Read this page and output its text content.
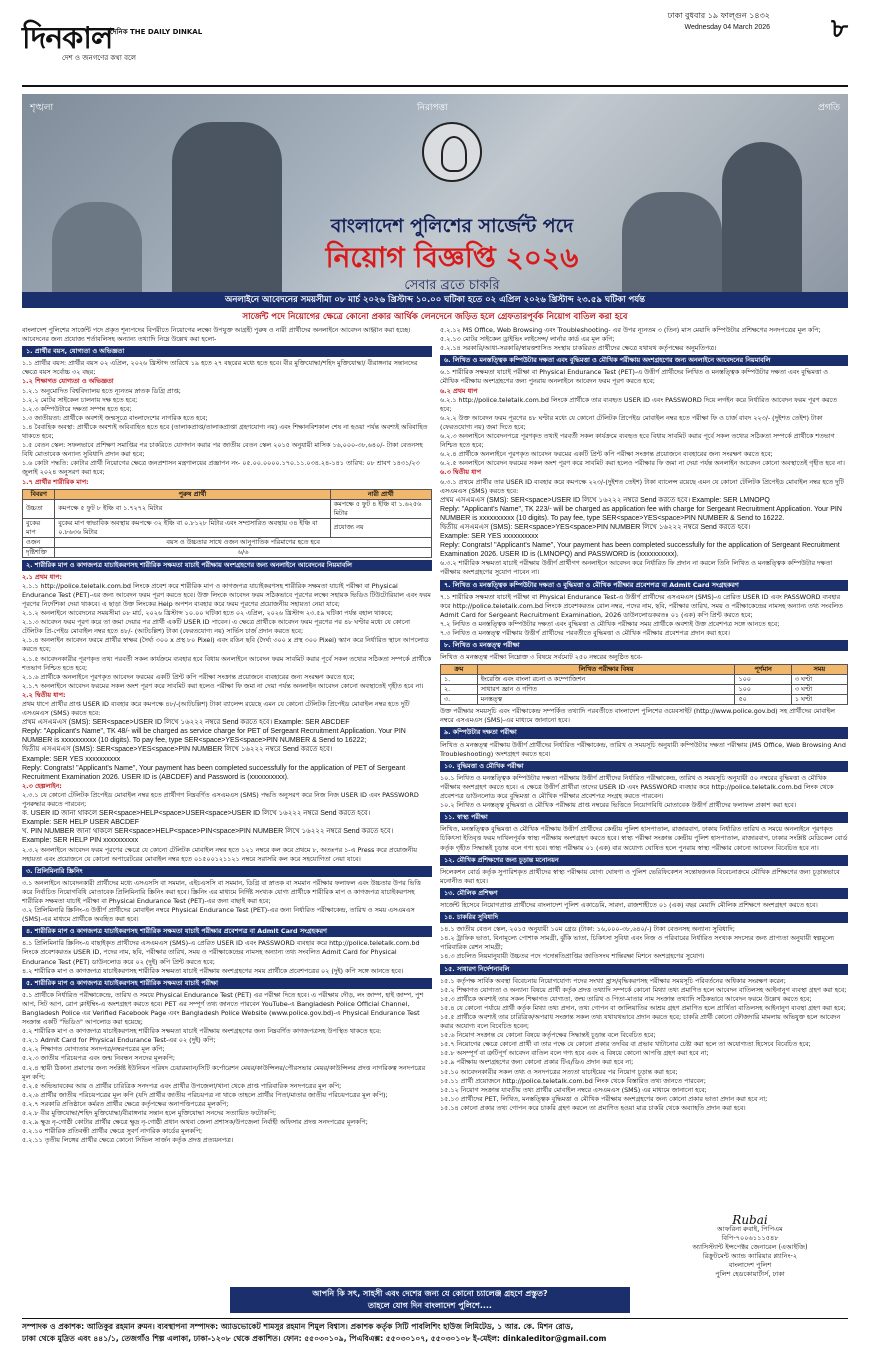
দিনকাল
দৈনিক THE DAILY DINKAL
দেশ ও জনগণের কথা বলে
ঢাকা বুধবার ১৯ ফাল্গুন ১৪৩২
Wednesday 04 March 2026 ৮
শৃঙ্খলা	নিরাপত্তা	প্রগতি
বাংলাদেশ পুলিশের সার্জেন্ট পদে
নিয়োগ বিজ্ঞপ্তি ২০২৬
সেবার ব্রতে চাকরি
অনলাইনে আবেদনের সময়সীমা ০৮ মার্চ ২০২৬ খ্রিস্টাব্দ ১০.০০ ঘটিকা হতে ০২ এপ্রিল ২০২৬ খ্রিস্টাব্দ ২৩.৫৯ ঘটিকা পর্যন্ত
সার্জেন্ট পদে নিয়োগের ক্ষেত্রে কোনো প্রকার আর্থিক লেনদেনে জড়িত হলে গ্রেফতারপূর্বক নিয়োগ বাতিল করা হবে

বাংলাদেশ পুলিশের সার্জেন্ট পদে প্রকৃত শূন্যপদের বিপরীতে নিয়োগের লক্ষ্যে উপযুক্ত আগ্রহী পুরুষ ও নারী প্রার্থীদের অনলাইনে আবেদন আহ্বান করা হচ্ছে। আবেদনের জন্য প্রযোজ্য শর্তাবলিসহ অন্যান্য তথ্যাদি নিম্নে উল্লেখ করা হলো-

১. প্রার্থীর বয়স, যোগ্যতা ও অভিজ্ঞতা

১.১ প্রার্থীর বয়স: প্রার্থীর বয়স ০২ এপ্রিল, ২০২৬ খ্রিস্টাব্দ তারিখে ১৯ হতে ২৭ বছরের মধ্যে হতে হবে। বীর মুক্তিযোদ্ধা/শহিদ মুক্তিযোদ্ধা/ বীরাঙ্গনার সন্তানদের ক্ষেত্রে বয়স সর্বোচ্চ ৩২ বছর;

১.২ শিক্ষাগত যোগ্যতা ও অভিজ্ঞতা

১.২.১ অনুমোদিত বিশ্ববিদ্যালয় হতে ন্যূনতম স্নাতক ডিগ্রি প্রাপ্ত;

১.২.২ মোটর সাইকেল চালনায় দক্ষ হতে হবে;

১.২.৩ কম্পিউটারে দক্ষতা সম্পন্ন হতে হবে;

১.৩ জাতীয়তা: প্রার্থীকে অবশ্যই জন্মসূত্রে বাংলাদেশের নাগরিক হতে হবে;

১.৪ বৈবাহিক অবস্থা: প্রার্থীকে অবশ্যই অবিবাহিত হতে হবে (তালাকপ্রাপ্ত/তালাকপ্রাপ্তা গ্রহণযোগ্য নয়) এবং শিক্ষানবিশকাল শেষ না হওয়া পর্যন্ত অবশ্যই অবিবাহিত থাকতে হবে;

১.৫ বেতন স্কেল: সফলভাবে প্রশিক্ষণ সমাপ্তির পর চাকরিতে যোগদান করার পর জাতীয় বেতন স্কেল ২০১৫ অনুযায়ী মাসিক ১৬,০০০-৩৮,৬৪০/- টাকা বেতনসহ বিধি মোতাবেক অন্যান্য সুবিধাদি প্রদান করা হবে;

১.৬ কোটা পদ্ধতি: কোটার প্রার্থী নিয়োগের ক্ষেত্রে জনপ্রশাসন মন্ত্রণালয়ের প্রজ্ঞাপন নং- ০৫.০০.০০০০.১৭০.১১.০৩৪.২৪-১৪১ তারিখ: ০৮ শ্রাবণ ১৪৩১/২৩ জুলাই ২০২৪ অনুসরণ করা হবে;

১.৭ প্রার্থীর শারীরিক মাপ:

বিবরণ	পুরুষ প্রার্থী	নারী প্রার্থী
উচ্চতা	কমপক্ষে ৫ ফুট ৮ ইঞ্চি বা ১.৭২৭২ মিটার	কমপক্ষে ৫ ফুট ৪ ইঞ্চি বা ১.৬২৫৬ মিটার
বুকের মাপ	বুকের মাপ স্বাভাবিক অবস্থায় কমপক্ষে ৩২ ইঞ্চি বা ০.৮১২৮ মিটার এবং সম্প্রসারিত অবস্থায় ৩৪ ইঞ্চি বা ০.৮৬৩৬ মিটার	প্রযোজ্য নয়
ওজন	বয়স ও উচ্চতার সাথে ওজন আনুপাতিক পরিমাণের হতে হবে	
দৃষ্টিশক্তি	৬/৬	
২. শারীরিক মাপ ও কাগজপত্র যাচাইকরণসহ শারীরিক সক্ষমতা যাচাই পরীক্ষায় অংশগ্রহণের জন্য অনলাইনে আবেদনের নিয়মাবলি

২.১ প্রথম ধাপ:

২.১.১ http://police.teletalk.com.bd লিংকে প্রবেশ করে শারীরিক মাপ ও কাগজপত্র যাচাইকরণসহ শারীরিক সক্ষমতা যাচাই পরীক্ষা বা Physical Endurance Test (PET)-এর জন্য আবেদন ফরম পূরণ করতে হবে। উক্ত লিংকে আবেদন ফরম সঠিকভাবে পূরণের লক্ষ্যে সহায়ক ভিডিও টিউটোরিয়াল এবং ফরম পূরণের নির্দেশিকা দেয়া থাকবে। এ ছাড়া উক্ত লিংকের Help অপশন ব্যবহার করে ফরম পূরণের প্রয়োজনীয় সহায়তা নেয়া যাবে;

২.১.২ অনলাইনে আবেদনের সময়সীমা ০৮ মার্চ, ২০২৬ খ্রিস্টাব্দ ১০.০০ ঘটিকা হতে ০২ এপ্রিল, ২০২৬ খ্রিস্টাব্দ ২৩.৫৯ ঘটিকা পর্যন্ত বহাল থাকবে;

২.১.৩ আবেদন ফরম পূরণ করে তা জমা দেয়ার পর প্রার্থী একটি USER ID পাবেন। এ ক্ষেত্রে প্রার্থীকে আবেদন ফরম পূরণের পর ৪৮ ঘণ্টার মধ্যে যে কোনো টেলিটক প্রি-পেইড মোবাইল নম্বর হতে ৪৮/- (আটচল্লিশ) টাকা (ফেরতযোগ্য নয়) সার্ভিস চার্জ প্রদান করতে হবে;

২.১.৪ অনলাইন আবেদন ফরমে প্রার্থীর স্বাক্ষর (দৈর্ঘ্য ৩০০ x প্রস্থ ৮০ Pixel) এবং রঙিন ছবি (দৈর্ঘ্য ৩০০ x প্রস্থ ৩০০ Pixel) স্ক্যান করে নির্ধারিত স্থানে আপলোড করতে হবে;

২.১.৫ আবেদনকারীর পূরণকৃত তথ্য পরবর্তী সকল কার্যক্রমে ব্যবহার হবে বিধায় অনলাইনে আবেদন ফরম সাবমিট করার পূর্বে সকল তথ্যের সঠিকতা সম্পর্কে প্রার্থীকে শতভাগ নিশ্চিত হতে হবে;

২.১.৬ প্রার্থীকে অনলাইনে পূরণকৃত আবেদন ফরমের একটি প্রিন্ট কপি পরীক্ষা সংক্রান্ত প্রয়োজনে ব্যবহারের জন্য সংরক্ষণ করতে হবে;

২.১.৭ অনলাইনে আবেদন ফরমের সকল অংশ পূরণ করে সাবমিট করা হলেও পরীক্ষা ফি জমা না দেয়া পর্যন্ত অনলাইন আবেদন কোনো অবস্থাতেই গৃহীত হবে না।

২.২ দ্বিতীয় ধাপ:

প্রথম ধাপে প্রার্থীর প্রাপ্ত USER ID ব্যবহার করে কমপক্ষে ৪৮/-(আটচল্লিশ) টাকা ব্যালেন্স রয়েছে এমন যে কোনো টেলিটক প্রিপেইড মোবাইল নম্বর হতে দুটি এসএমএস (SMS) করতে হবে:

প্রথম এসএমএস (SMS): SER<space>USER ID লিখে ১৬২২২ নম্বরে Send করতে হবে। Example: SER ABCDEF

Reply: "Applicant's Name", TK 48/- will be charged as service charge for PET of Sergeant Recruitment Application. Your PIN NUMBER is xxxxxxxxxx (10 digits). To pay fee, type SER<space>YES<space>PIN NUMBER & Send to 16222;

দ্বিতীয় এসএমএস (SMS): SER<space>YES<space>PIN NUMBER লিখে ১৬২২২ নম্বরে Send করতে হবে।

Example: SER YES xxxxxxxxxx

Reply: Congrats! "Applicant's Name", Your payment has been completed successfully for the application of PET of Sergeant Recruitment Examination 2026. USER ID is (ABCDEF) and Password is (xxxxxxxxxx).

২.৩ হেল্পলাইন:

২.৩.১ যে কোনো টেলিটক প্রিপেইড মোবাইল নম্বর হতে প্রার্থীগণ নিম্নবর্ণিত এসএমএস (SMS) পদ্ধতি অনুসরণ করে নিজ নিজ USER ID এবং PASSWORD পুনরুদ্ধার করতে পারবেন;

ক. USER ID জানা থাকলে SER<space>HELP<space>USER<space>USER ID লিখে ১৬২২২ নম্বরে Send করতে হবে।

Example: SER HELP USER ABCDEF

খ. PIN NUMBER জানা থাকলে SER<space>HELP<space>PIN<space>PIN NUMBER লিখে ১৬২২২ নম্বরে Send করতে হবে।

Example: SER HELP PIN xxxxxxxxxx

২.৩.২ অনলাইনে আবেদন ফরম পূরণের ক্ষেত্রে যে কোনো টেলিটক মোবাইল নম্বর হতে ১২১ নম্বরে কল করে প্রথমে ৮, অতঃপর ১-এ Press করে প্রয়োজনীয় সহায়তা এবং প্রয়োজনে যে কোনো অপারেটরের মোবাইল নম্বর হতে ০১৫০০১২১১২১ নম্বরে সরাসরি কল করে সহযোগিতা নেয়া যাবে।

৩. প্রিলিমিনারি স্ক্রিনিং

৩.১ অনলাইনে আবেদনকারী প্রার্থীদের মধ্যে এসএসসি বা সমমান, এইচএসসি বা সমমান, ডিগ্রি বা স্নাতক বা সমমান পরীক্ষার ফলাফল এবং উচ্চতার উপর ভিত্তি করে নির্বাচিত নিয়োগবিধি মোতাবেক প্রিলিমিনারি স্ক্রিনিং করা হবে। স্ক্রিনিং এর মাধ্যমে নির্দিষ্ট সংখ্যক যোগ্য প্রার্থীকে শারীরিক মাপ ও কাগজপত্র যাচাইকরণসহ শারীরিক সক্ষমতা যাচাই পরীক্ষা বা Physical Endurance Test (PET)-এর জন্য বাছাই করা হবে;

৩.২ প্রিলিমিনারি স্ক্রিনিং-এ উত্তীর্ণ প্রার্থীদের মোবাইল নম্বরে Physical Endurance Test (PET)-এর জন্য নির্ধারিত পরীক্ষাকেন্দ্র, তারিখ ও সময় এসএমএস (SMS)-এর মাধ্যমে প্রার্থীকে অবহিত করা হবে।

৪. শারীরিক মাপ ও কাগজপত্র যাচাইকরণসহ শারীরিক সক্ষমতা যাচাই পরীক্ষার প্রবেশপত্র বা Admit Card সংগ্রহকরণ

৪.১ প্রিলিমিনারি স্ক্রিনিং-এ বাছাইকৃত প্রার্থীদের এসএমএস (SMS)-এ প্রেরিত USER ID এবং PASSWORD ব্যবহার করে http://police.teletalk.com.bd লিংকে প্রবেশকরতঃ USER ID, পদের নাম, ছবি, পরীক্ষার তারিখ, সময় ও পরীক্ষাকেন্দ্রের নামসহ অন্যান্য তথ্য সংবলিত Admit Card for Physical Endurance Test (PET) ডাউনলোড করে ০২ (দুই) কপি প্রিন্ট করতে হবে;

৪.২ শারীরিক মাপ ও কাগজপত্র যাচাইকরণসহ শারীরিক সক্ষমতা যাচাই পরীক্ষায় অংশগ্রহণের সময় প্রার্থীকে প্রবেশপত্রের ০২ (দুই) কপি সঙ্গে আনতে হবে।

৫. শারীরিক মাপ ও কাগজপত্র যাচাইকরণসহ শারীরিক সক্ষমতা যাচাই পরীক্ষা

৫.১ প্রার্থীকে নির্ধারিত পরীক্ষাকেন্দ্রে, তারিখ ও সময়ে Physical Endurance Test (PET) এর পরীক্ষা দিতে হবে। এ পরীক্ষায় দৌড়, লং জাম্প, হাই জাম্প, পুশ আপ, সিট আপ, রোপ ক্লাইম্বিং-এ অংশগ্রহণ করতে হবে। PET এর সম্পূর্ণ তথ্য জানতে পারবেন YouTube-এ Bangladesh Police Official Channel, Bangladesh Police এর Verified Facebook Page এবং Bangladesh Police Website (www.police.gov.bd)-এ Physical Endurance Test সংক্রান্ত একটি "ভিডিও" আপলোড করা হয়েছে;

৫.২ শারীরিক মাপ ও কাগজপত্র যাচাইকরণসহ শারীরিক সক্ষমতা যাচাই পরীক্ষায় অংশগ্রহণের জন্য নিম্নবর্ণিত কাগজপত্রসহ উপস্থিত থাকতে হবে:

৫.২.১ Admit Card for Physical Endurance Test-এর ০২ (দুই) কপি;

৫.২.২ শিক্ষাগত যোগ্যতার সনদপত্র/নম্বরপত্রের মূল কপি;

৫.২.৩ জাতীয় পরিচয়পত্র এবং জন্ম নিবন্ধন সনদের মূলকপি;

৫.২.৪ স্থায়ী ঠিকানা প্রমাণের জন্য সংশ্লিষ্ট ইউনিয়ন পরিষদ চেয়ারম্যান/সিটি কর্পোরেশন মেয়র/কাউন্সিলর/পৌরসভার মেয়র/কাউন্সিলর প্রদত্ত নাগরিকত্ব সনদপত্রের মূল কপি;

৫.২.৫ অভিভাবকের আয় ও প্রার্থীর চারিত্রিক সনদপত্র এবং প্রার্থীর উপজেলা/থানা থেকে প্রাপ্ত পারিবারিক সনদপত্রের মূল কপি;

৫.২.৬ প্রার্থীর জাতীয় পরিচয়পত্রের মূল কপি (যদি প্রার্থীর জাতীয় পরিচয়পত্র না থাকে তাহলে প্রার্থীর পিতা/মাতার জাতীয় পরিচয়পত্রের মূল কপি);

৫.২.৭ সরকারি প্রতিষ্ঠানে কর্মরত প্রার্থীর ক্ষেত্রে কর্তৃপক্ষের অনাপত্তিপত্রের মূলকপি;

৫.২.৮ বীর মুক্তিযোদ্ধা/শহিদ মুক্তিযোদ্ধা/বীরাঙ্গনার সন্তান হলে মুক্তিযোদ্ধা সনদের সত্যায়িত ফটোকপি;

৫.২.৯ ক্ষুদ্র নৃ-গোষ্ঠী কোটার প্রার্থীর ক্ষেত্রে ক্ষুদ্র নৃ-গোষ্ঠী প্রধান অথবা জেলা প্রশাসক/উপজেলা নির্বাহী অফিসার প্রদত্ত সনদপত্রের মূলকপি;

৫.২.১০ শারীরিক প্রতিবন্ধী প্রার্থীর ক্ষেত্রে সুবর্ণ নাগরিক কার্ডের মূলকপি;

৫.২.১১ তৃতীয় লিঙ্গের প্রার্থীর ক্ষেত্রে কোনো সিভিল সার্জন কর্তৃক প্রদত্ত প্রত্যয়নপত্র।

৫.২.১২ MS Office, Web Browsing এবং Troubleshooting- এর উপর ন্যূনতম ৩ (তিন) মাস মেয়াদি কম্পিউটার প্রশিক্ষণের সনদপত্রের মূল কপি;

৫.২.১৩ মোটর সাইকেল ড্রাইভিং লাইসেন্স/ লার্নার কার্ড এর মূল কপি;

৫.২.১৪ সরকারি/আধা-সরকারি/স্বায়ত্তশাসিত সংস্থায় চাকরিরত প্রার্থীদের ক্ষেত্রে যথাযথ কর্তৃপক্ষের অনুমতিপত্র।

৬. লিখিত ও মনস্তত্ত্বিক কম্পিউটার দক্ষতা এবং বুদ্ধিমত্তা ও মৌখিক পরীক্ষায় অংশগ্রহণের জন্য অনলাইনে আবেদনের নিয়মাবলি

৬.১ শারীরিক সক্ষমতা যাচাই পরীক্ষা বা Physical Endurance Test (PET)-এ উত্তীর্ণ প্রার্থীদের লিখিত ও মনস্তত্ত্বিক কম্পিউটার দক্ষতা এবং বুদ্ধিমত্তা ও মৌখিক পরীক্ষায় অংশগ্রহণের জন্য পুনরায় অনলাইনে আবেদন ফরম পূরণ করতে হবে;

৬.২ প্রথম ধাপ

৬.২.১ http://police.teletalk.com.bd লিংকে প্রার্থীকে তার ব্যবহৃত USER ID এবং PASSWORD দিয়ে লগইন করে নির্ধারিত আবেদন ফরম পূরণ করতে হবে;

৬.২.২ উক্ত আবেদন ফরম পূরণের ৪৮ ঘণ্টার মধ্যে যে কোনো টেলিটক প্রিপেইড মোবাইল নম্বর হতে পরীক্ষা ফি ও চার্জ বাবদ ২২৩/- (দুইশত তেইশ) টাকা (ফেরতযোগ্য নয়) জমা দিতে হবে;

৬.২.৩ অনলাইনে আবেদনপত্রে পূরণকৃত তথ্যই পরবর্তী সকল কার্যক্রমে ব্যবহৃত হবে বিধায় সাবমিট করার পূর্বে সকল তথ্যের সঠিকতা সম্পর্কে প্রার্থীকে শতভাগ নিশ্চিত হতে হবে;

৬.২.৪ প্রার্থীকে অনলাইনে পূরণকৃত আবেদন ফরমের একটি প্রিন্ট কপি পরীক্ষা সংক্রান্ত প্রয়োজনে ব্যবহারের জন্য সংরক্ষণ করতে হবে;

৬.২.৫ অনলাইনে আবেদন ফরমের সকল অংশ পূরণ করে সাবমিট করা হলেও পরীক্ষার ফি জমা না দেয়া পর্যন্ত অনলাইন আবেদন কোনো অবস্থাতেই গৃহীত হবে না।

৬.৩ দ্বিতীয় ধাপ

৬.৩.১ প্রথমে প্রার্থীর তার USER ID ব্যবহার করে কমপক্ষে ২২৩/-(দুইশত তেইশ) টাকা ব্যালেন্স রয়েছে এমন যে কোনো টেলিটক প্রিপেইড মোবাইল নম্বর হতে দুটি এসএমএস (SMS) করতে হবে:

প্রথম এসএমএস (SMS): SER<space>USER ID লিখে ১৬২২২ নম্বরে Send করতে হবে। Example: SER LMNOPQ

Reply: "Applicant's Name", TK 223/- will be charged as application fee with charge for Sergeant Recruitment Application. Your PIN NUMBER is xxxxxxxxxx (10 digits). To pay fee, type SER<space>YES<space>PIN NUMBER & Send to 16222.

দ্বিতীয় এসএমএস (SMS): SER<space>YES<space>PIN NUMBER লিখে ১৬২২২ নম্বরে Send করতে হবে।

Example: SER YES xxxxxxxxxx

Reply: Congrats! "Applicant's Name", Your payment has been completed successfully for the application of Sergeant Recruitment Examination 2026. USER ID is (LMNOPQ) and PASSWORD is (xxxxxxxxxx).

৬.৩.২ শারীরিক সক্ষমতা যাচাই পরীক্ষায় উত্তীর্ণ প্রার্থীগণ অনলাইনে আবেদন করে নির্ধারিত ফি প্রদান না করলে তিনি লিখিত ও মনস্তত্ত্বিক কম্পিউটার দক্ষতা পরীক্ষায় অংশগ্রহণের সুযোগ পাবেন না।

৭. লিখিত ও মনস্তত্ত্বিক কম্পিউটার দক্ষতা ও বুদ্ধিমত্তা ও মৌখিক পরীক্ষার প্রবেশপত্র বা Admit Card সংগ্রহকরণ

৭.১ শারীরিক সক্ষমতা যাচাই পরীক্ষা বা Physical Endurance Test-এ উত্তীর্ণ প্রার্থীদের এসএমএস (SMS)-এ প্রেরিত USER ID এবং PASSWORD ব্যবহার করে http://police.teletalk.com.bd লিংকে প্রবেশকরতঃ রোল নম্বর, পদের নাম, ছবি, পরীক্ষার তারিখ, সময় ও পরীক্ষাকেন্দ্রের নামসহ অন্যান্য তথ্য সংবলিত Admit Card for Sergeant Recruitment Examination, 2026 ডাউনলোডকরতঃ ০১ (এক) কপি প্রিন্ট করতে হবে;

৭.২ লিখিত ও মনস্তত্ত্বিক কম্পিউটার দক্ষতা এবং বুদ্ধিমত্তা ও মৌখিক পরীক্ষার সময় প্রার্থীকে অবশ্যই উক্ত প্রবেশপত্র সঙ্গে আনতে হবে;

৭.৩ লিখিত ও মনস্তত্ত্ব পরীক্ষায় উত্তীর্ণ প্রার্থীদের পরবর্তীতে বুদ্ধিমত্তা ও মৌখিক পরীক্ষার প্রবেশপত্র প্রদান করা হবে।

৮. লিখিত ও মনস্তত্ত্ব পরীক্ষা

লিখিত ও মনস্তত্ত্ব পরীক্ষা নিম্নোক্ত ৩ বিষয়ে সর্বমোট ২৫০ নম্বরের অনুষ্ঠিত হবে-

ক্রম	লিখিত পরীক্ষার বিষয়	পূর্ণমান	সময়
১.	ইংরেজি এবং বাংলা রচনা ও কম্পোজিশন	১০০	৩ ঘণ্টা
২.	সাধারণ জ্ঞান ও গণিত	১০০	৩ ঘণ্টা
৩.	মনস্তত্ত্ব	৫০	১ ঘণ্টা

উক্ত পরীক্ষার সময়সূচি এবং পরীক্ষাকেন্দ্র সম্পর্কিত তথ্যাদি পরবর্তীতে বাংলাদেশ পুলিশের ওয়েবসাইট (http://www.police.gov.bd) সহ প্রার্থীদের মোবাইল নম্বরে এসএমএস (SMS)-এর মাধ্যমে জানানো হবে।

৯. কম্পিউটার দক্ষতা পরীক্ষা

লিখিত ও মনস্তত্ত্ব পরীক্ষায় উত্তীর্ণ প্রার্থীদের নির্ধারিত পরীক্ষাকেন্দ্র, তারিখ ও সময়সূচি অনুযায়ী কম্পিউটার দক্ষতা পরীক্ষায় (MS Office, Web Browsing And Troubleshooting) অংশগ্রহণ করতে হবে।

১০. বুদ্ধিমত্তা ও মৌখিক পরীক্ষা

১০.১ লিখিত ও মনস্তত্ত্বিক কম্পিউটার দক্ষতা পরীক্ষায় উত্তীর্ণ প্রার্থীদের নির্ধারিত পরীক্ষাকেন্দ্র, তারিখ ও সময়সূচি অনুযায়ী ৫০ নম্বরের বুদ্ধিমত্তা ও মৌখিক পরীক্ষায় অংশগ্রহণ করতে হবে। এ ক্ষেত্রে উত্তীর্ণ প্রার্থীরা তাদের USER ID এবং PASSWORD ব্যবহার করে http://police.teletalk.com.bd লিংক থেকে প্রবেশপত্র ডাউনলোড করে বুদ্ধিমত্তা ও মৌখিক পরীক্ষার প্রবেশপত্র সংগ্রহ করতে পারবেন।

১০.২ লিখিত ও মনস্তত্ত্ব বুদ্ধিমত্তা ও মৌখিক পরীক্ষায় প্রাপ্ত নম্বরের ভিত্তিতে নিয়োগবিধি মোতাবেক উত্তীর্ণ প্রার্থীদের ফলাফল প্রকাশ করা হবে।

১১. স্বাস্থ্য পরীক্ষা

লিখিত, মনস্তত্ত্বিক বুদ্ধিমত্তা ও মৌখিক পরীক্ষায় উত্তীর্ণ প্রার্থীদের কেন্দ্রীয় পুলিশ হাসপাতাল, রাজারবাগ, ঢাকায় নির্ধারিত তারিখ ও সময়ে অনলাইনে পূরণকৃত চিকিৎসা ইতিবৃত্ত ফরম দাখিলপূর্বক স্বাস্থ্য পরীক্ষায় অংশগ্রহণ করতে হবে। স্বাস্থ্য পরীক্ষা সংক্রান্ত কেন্দ্রীয় পুলিশ হাসপাতাল, রাজারবাগ, ঢাকার সংশ্লিষ্ট মেডিকেল বোর্ড কর্তৃক গৃহীত সিদ্ধান্তই চূড়ান্ত বলে গণ্য হবে। স্বাস্থ্য পরীক্ষায় ০১ (এক) বার অযোগ্য ঘোষিত হলে পুনরায় স্বাস্থ্য পরীক্ষার কোনো আবেদন বিবেচিত হবে না।

১২. মৌখিক প্রশিক্ষণের জন্য চূড়ান্ত মনোনয়ন

সিলেকশন বোর্ড কর্তৃক সুপারিশকৃত প্রার্থীদের স্বাস্থ্য পরীক্ষায় যোগ্য ঘোষণা ও পুলিশ ভেরিফিকেশন সন্তোষজনক বিবেচনাক্রমে মৌখিক প্রশিক্ষণের জন্য চূড়ান্তভাবে মনোনীত করা হবে।

১৩. মৌলিক প্রশিক্ষণ

সার্জেন্ট হিসেবে নিয়োগপ্রাপ্ত প্রার্থীদের বাংলাদেশ পুলিশ একাডেমি, সারদা, রাজশাহীতে ০১ (এক) বছর মেয়াদি মৌলিক প্রশিক্ষণে অংশগ্রহণ করতে হবে।

১৪. চাকরির সুবিধাদি

১৪.১ জাতীয় বেতন স্কেল, ২০১৫ অনুযায়ী ১০ম গ্রেড (টাকা: ১৬,০০০-৩৮,৬৪০/-) টাকা বেতনসহ অন্যান্য সুবিধাদি;

১৪.২ ট্রাফিক ভাতা, বিনামূল্যে পোশাক সামগ্রী, ঝুঁকি ভাতা, চিকিৎসা সুবিধা এবং নিজ ও পরিবারের নির্ধারিত সংখ্যক সদস্যের জন্য প্রাপ্যতা অনুযায়ী স্বল্পমূল্যে পারিবারিক রেশন সামগ্রী;

১৪.৩ প্রচলিত নিয়মানুযায়ী উচ্চতর পদে পদোন্নতিপ্রাপ্তির জাতিসংঘ শান্তিরক্ষা মিশনে অংশগ্রহণের সুযোগ।

১৫. সাধারণ নির্দেশনাবলি

১৫.১ কর্তৃপক্ষ সার্বিক অবস্থা বিবেচনায় নিয়োগযোগ্য পদের সংখ্যা হ্রাস/বৃদ্ধিকরণসহ পরীক্ষার সময়সূচি পরিবর্তনের অধিকার সংরক্ষণ করেন;

১৫.২ শিক্ষাগত যোগ্যতা ও অন্যান্য বিষয়ে প্রার্থী কর্তৃক প্রদত্ত তথ্যাদি সম্পর্কে কোনো মিথ্যা তথ্য প্রমাণিত হলে আবেদন বাতিলসহ আইনানুগ ব্যবস্থা গ্রহণ করা হবে;

১৫.৩ প্রার্থীকে অবশ্যই তার সকল শিক্ষাগত যোগ্যতা, জন্ম তারিখ ও পিতা-মাতার নাম সংক্রান্ত তথ্যাদি সঠিকভাবে আবেদন ফরমে উল্লেখ করতে হবে;

১৫.৪ যে কোনো পর্যায়ে প্রার্থী কর্তৃক মিথ্যা তথ্য প্রদান, তথ্য গোপন বা জালিয়াতির আশ্রয় গ্রহণ প্রমাণিত হলে প্রার্থিতা বাতিলসহ আইনানুগ ব্যবস্থা গ্রহণ করা হবে;

১৫.৫ প্রার্থীকে অবশ্যই তার চারিত্রিক/অপরাধ সংক্রান্ত সকল তথ্য যথাযথভাবে প্রদান করতে হবে; চাকরি প্রার্থী কোনো ফৌজদারি মামলায় অভিযুক্ত হলে আবেদন করার অযোগ্য বলে বিবেচিত হবেন;

১৫.৬ নিয়োগ সংক্রান্ত যে কোনো বিষয়ে কর্তৃপক্ষের সিদ্ধান্তই চূড়ান্ত বলে বিবেচিত হবে;

১৫.৭ নিয়োগের ক্ষেত্রে কোনো প্রার্থী বা তার পক্ষে যে কোনো প্রকার তদবির বা প্রভাব খাটানোর চেষ্টা করা হলে তা অযোগ্যতা হিসেবে বিবেচিত হবে;

১৫.৮ অসম্পূর্ণ বা ত্রুটিপূর্ণ আবেদন বাতিল বলে গণ্য হবে এবং এ বিষয়ে কোনো আপত্তি গ্রহণ করা হবে না;

১৫.৯ পরীক্ষায় অংশগ্রহণের জন্য কোনো প্রকার টিএ/ডিএ প্রদান করা হবে না;

১৫.১০ আবেদনকারীর সকল তথ্য ও সনদপত্রের সত্যতা যাচাইয়ের পর নিয়োগ চূড়ান্ত করা হবে;

১৫.১১ প্রার্থী প্রয়োজনে http://police.teletalk.com.bd লিংক থেকে বিস্তারিত তথ্য জানতে পারবেন;

১৫.১২ নিয়োগ সংক্রান্ত যাবতীয় তথ্য প্রার্থীর মোবাইল নম্বরে এসএমএস (SMS) এর মাধ্যমে জানানো হবে;

১৫.১৩ প্রার্থীদের PET, লিখিত, মনস্তত্ত্বিক বুদ্ধিমত্তা ও মৌখিক পরীক্ষায় অংশগ্রহণের জন্য কোনো প্রকার ভাতা প্রদান করা হবে না;

১৫.১৪ কোনো প্রকার তথ্য গোপন করে চাকরি গ্রহণ করলে তা প্রমাণিত হওয়া মাত্র চাকরি থেকে অব্যাহতি প্রদান করা হবে।

Rubai
আফরিনা রুবাই, পিপিএম
বিপি-৭০০৬১১১৫৪৮
অ্যাসিস্ট্যান্ট ইন্সপেক্টর জেনারেল (এআইজি)
রিক্রুটমেন্ট অ্যান্ড ক্যারিয়ার প্ল্যানিং-২
বাংলাদেশ পুলিশ
পুলিশ হেডকোয়ার্টার্স, ঢাকা
আপনি কি সৎ, সাহসী এবং দেশের জন্য যে কোনো চ্যালেঞ্জ গ্রহণে প্রস্তুত?
তাহলে যোগ দিন বাংলাদেশ পুলিশে....
সম্পাদক ও প্রকাশক: আতিকুর রহমান রুমন। ব্যবস্থাপনা সম্পাদক: অ্যাডভোকেট শামসুর রহমান শিমুল বিশ্বাস। প্রকাশক কর্তৃক সিটি পাবলিশিং হাউজ লিমিটেড, ১ আর. কে. মিশন রোড,
ঢাকা থেকে মুদ্রিত এবং ৪৪১/১, তেজগাঁও শিল্প এলাকা, ঢাকা-১২০৮ থেকে প্রকাশিত। ফোন: ৫৫০৩০১০৯, পিএবিএক্স: ৫৫০৩০১০৭, ৫৫০৩০১০৮ ই-মেইল: dinkaleditor@gmail.com
